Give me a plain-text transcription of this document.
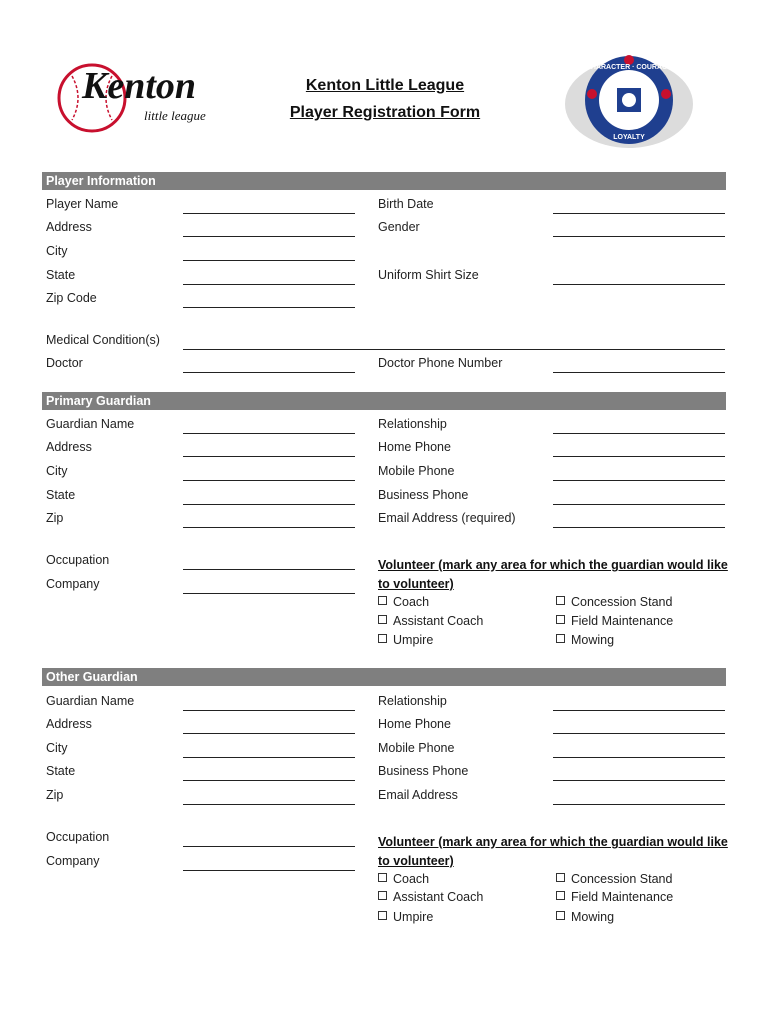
Kenton
little league
Kenton Little League
Player Registration Form
CHARACTER · COURAGE
LOYALTY
Player Information
Player Name	Birth Date
Address	Gender
City
State	Uniform Shirt Size
Zip Code
Medical Condition(s)
Doctor	Doctor Phone Number
Primary Guardian
Guardian Name	Relationship
Address	Home Phone
City	Mobile Phone
State	Business Phone
Zip	Email Address (required)
Occupation
Company
Volunteer (mark any area for which the guardian would like to volunteer)
Coach
Assistant Coach
Umpire
Concession Stand
Field Maintenance
Mowing
Other Guardian
Guardian Name	Relationship
Address	Home Phone
City	Mobile Phone
State	Business Phone
Zip	Email Address
Occupation
Company
Volunteer (mark any area for which the guardian would like to volunteer)
Coach
Assistant Coach
Umpire
Concession Stand
Field Maintenance
Mowing
